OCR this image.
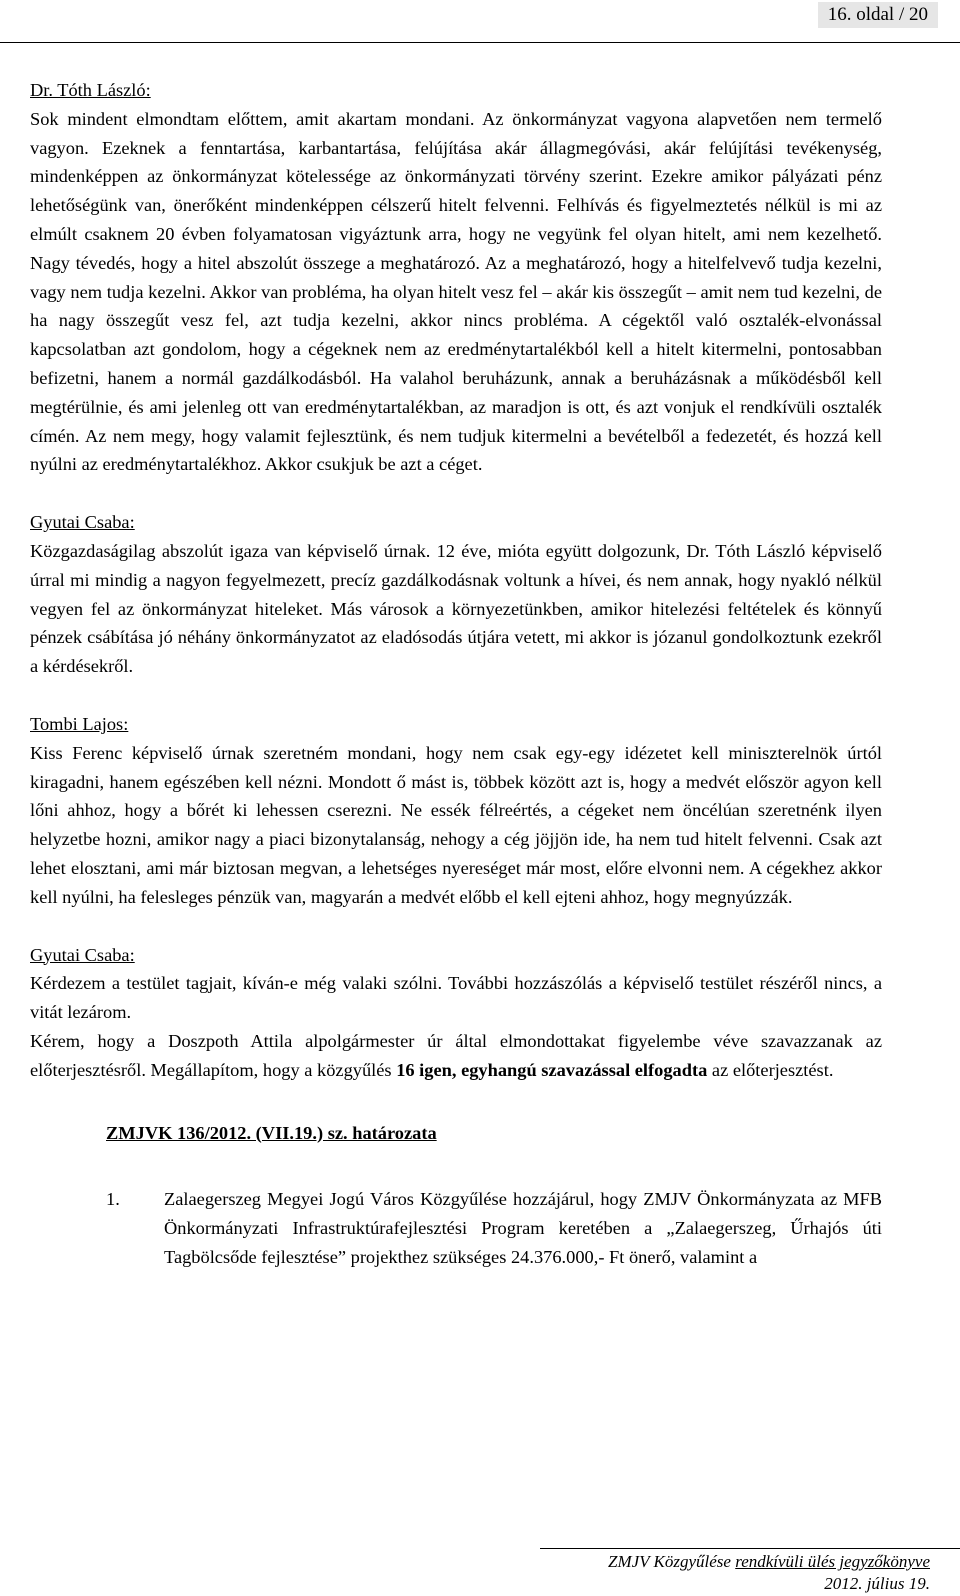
16. oldal / 20

Dr. Tóth László:

Sok mindent elmondtam előttem, amit akartam mondani. Az önkormányzat vagyona alapvetően nem termelő vagyon. Ezeknek a fenntartása, karbantartása, felújítása akár állagmegóvási, akár felújítási tevékenység, mindenképpen az önkormányzat kötelessége az önkormányzati törvény szerint. Ezekre amikor pályázati pénz lehetőségünk van, önerőként mindenképpen célszerű hitelt felvenni. Felhívás és figyelmeztetés nélkül is mi az elmúlt csaknem 20 évben folyamatosan vigyáztunk arra, hogy ne vegyünk fel olyan hitelt, ami nem kezelhető. Nagy tévedés, hogy a hitel abszolút összege a meghatározó. Az a meghatározó, hogy a hitelfelvevő tudja kezelni, vagy nem tudja kezelni. Akkor van probléma, ha olyan hitelt vesz fel – akár kis összegűt – amit nem tud kezelni, de ha nagy összegűt vesz fel, azt tudja kezelni, akkor nincs probléma. A cégektől való osztalék-elvonással kapcsolatban azt gondolom, hogy a cégeknek nem az eredménytartalékból kell a hitelt kitermelni, pontosabban befizetni, hanem a normál gazdálkodásból. Ha valahol beruházunk, annak a beruházásnak a működésből kell megtérülnie, és ami jelenleg ott van eredménytartalékban, az maradjon is ott, és azt vonjuk el rendkívüli osztalék címén. Az nem megy, hogy valamit fejlesztünk, és nem tudjuk kitermelni a bevételből a fedezetét, és hozzá kell nyúlni az eredménytartalékhoz. Akkor csukjuk be azt a céget.

Gyutai Csaba:

Közgazdaságilag abszolút igaza van képviselő úrnak. 12 éve, mióta együtt dolgozunk, Dr. Tóth László képviselő úrral mi mindig a nagyon fegyelmezett, precíz gazdálkodásnak voltunk a hívei, és nem annak, hogy nyakló nélkül vegyen fel az önkormányzat hiteleket. Más városok a környezetünkben, amikor hitelezési feltételek és könnyű pénzek csábítása jó néhány önkormányzatot az eladósodás útjára vetett, mi akkor is józanul gondolkoztunk ezekről a kérdésekről.

Tombi Lajos:

Kiss Ferenc képviselő úrnak szeretném mondani, hogy nem csak egy-egy idézetet kell miniszterelnök úrtól kiragadni, hanem egészében kell nézni. Mondott ő mást is, többek között azt is, hogy a medvét először agyon kell lőni ahhoz, hogy a bőrét ki lehessen cserezni. Ne essék félreértés, a cégeket nem öncélúan szeretnénk ilyen helyzetbe hozni, amikor nagy a piaci bizonytalanság, nehogy a cég jöjjön ide, ha nem tud hitelt felvenni. Csak azt lehet elosztani, ami már biztosan megvan, a lehetséges nyereséget már most, előre elvonni nem. A cégekhez akkor kell nyúlni, ha felesleges pénzük van, magyarán a medvét előbb el kell ejteni ahhoz, hogy megnyúzzák.

Gyutai Csaba:

Kérdezem a testület tagjait, kíván-e még valaki szólni. További hozzászólás a képviselő testület részéről nincs, a vitát lezárom.

Kérem, hogy a Doszpoth Attila alpolgármester úr által elmondottakat figyelembe véve szavazzanak az előterjesztésről. Megállapítom, hogy a közgyűlés 16 igen, egyhangú szavazással elfogadta az előterjesztést.

ZMJVK 136/2012. (VII.19.) sz. határozata

1.	Zalaegerszeg Megyei Jogú Város Közgyűlése hozzájárul, hogy ZMJV Önkormányzata az MFB Önkormányzati Infrastruktúrafejlesztési Program keretében a „Zalaegerszeg, Űrhajós úti Tagbölcsőde fejlesztése” projekthez szükséges 24.376.000,- Ft önerő, valamint a
ZMJV Közgyűlése rendkívüli ülés jegyzőkönyve
2012. július 19.
